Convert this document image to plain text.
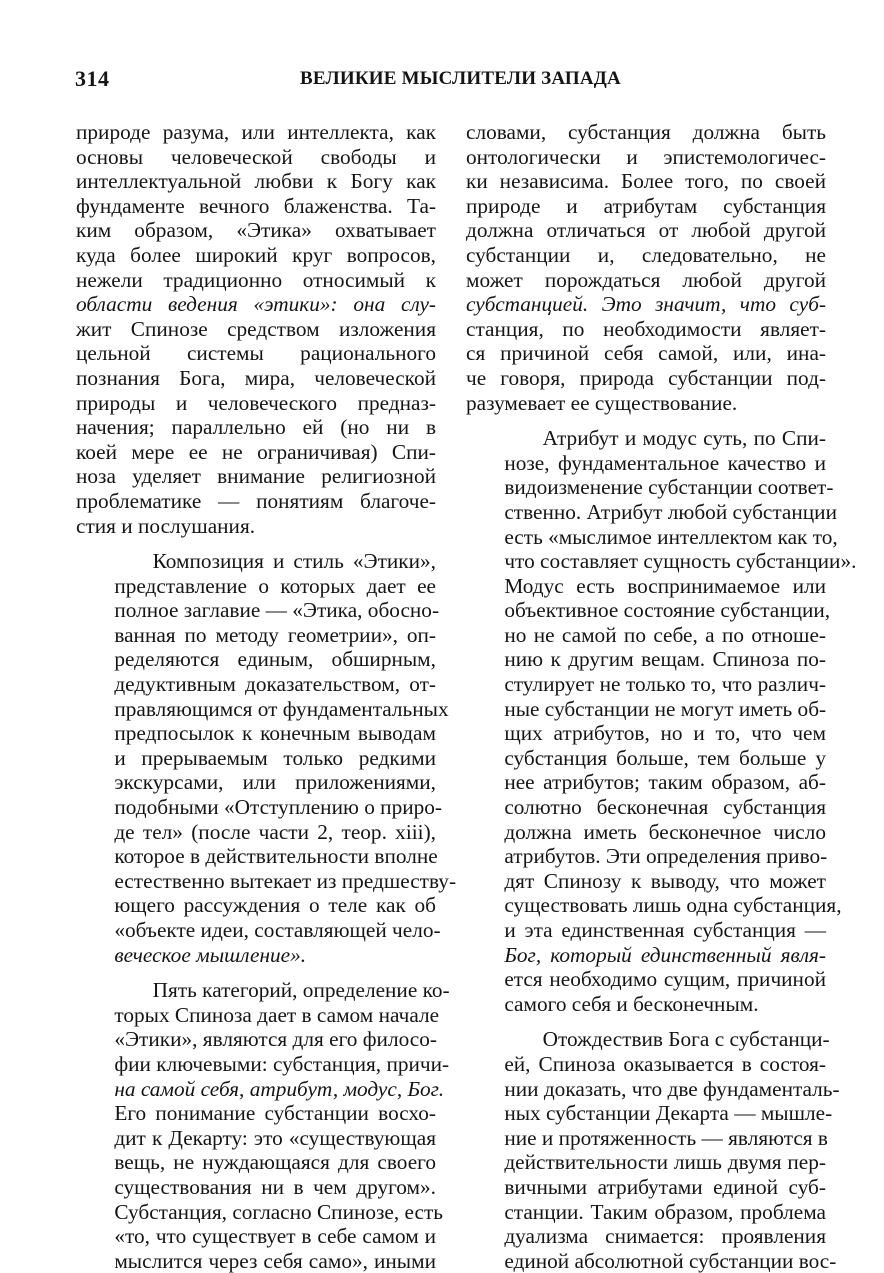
314	ВЕЛИКИЕ МЫСЛИТЕЛИ ЗАПАДА
природе разума, или интеллекта, как
основы человеческой свободы и
интеллектуальной любви к Богу как
фундаменте вечного блаженства. Та-
ким образом, «Этика» охватывает
куда более широкий круг вопросов,
нежели традиционно относимый к
области ведения «этики»: она слу-
жит Спинозе средством изложения
цельной системы рационального
познания Бога, мира, человеческой
природы и человеческого предназ-
начения; параллельно ей (но ни в
коей мере ее не ограничивая) Спи-
ноза уделяет внимание религиозной
проблематике — понятиям благоче-
стия и послушания.
Композиция и стиль «Этики»,
представление о которых дает ее
полное заглавие — «Этика, обосно-
ванная по методу геометрии», оп-
ределяются единым, обширным,
дедуктивным доказательством, от-
правляющимся от фундаментальных
предпосылок к конечным выводам
и прерываемым только редкими
экскурсами, или приложениями,
подобными «Отступлению о приро-
де тел» (после части 2, теор. xiii),
которое в действительности вполне
естественно вытекает из предшеству-
ющего рассуждения о теле как об
«объекте идеи, составляющей чело-
веческое мышление».
Пять категорий, определение ко-
торых Спиноза дает в самом начале
«Этики», являются для его филосо-
фии ключевыми: субстанция, причи-
на самой себя, атрибут, модус, Бог.
Его понимание субстанции восхо-
дит к Декарту: это «существующая
вещь, не нуждающаяся для своего
существования ни в чем другом».
Субстанция, согласно Спинозе, есть
«то, что существует в себе самом и
мыслится через себя само», иными
словами, субстанция должна быть
онтологически и эпистемологичес-
ки независима. Более того, по своей
природе и атрибутам субстанция
должна отличаться от любой другой
субстанции и, следовательно, не
может порождаться любой другой
субстанцией. Это значит, что суб-
станция, по необходимости являет-
ся причиной себя самой, или, ина-
че говоря, природа субстанции под-
разумевает ее существование.
Атрибут и модус суть, по Спи-
нозе, фундаментальное качество и
видоизменение субстанции соответ-
ственно. Атрибут любой субстанции
есть «мыслимое интеллектом как то,
что составляет сущность субстанции».
Модус есть воспринимаемое или
объективное состояние субстанции,
но не самой по себе, а по отноше-
нию к другим вещам. Спиноза по-
стулирует не только то, что различ-
ные субстанции не могут иметь об-
щих атрибутов, но и то, что чем
субстанция больше, тем больше у
нее атрибутов; таким образом, аб-
солютно бесконечная субстанция
должна иметь бесконечное число
атрибутов. Эти определения приво-
дят Спинозу к выводу, что может
существовать лишь одна субстанция,
и эта единственная субстанция —
Бог, который единственный явля-
ется необходимо сущим, причиной
самого себя и бесконечным.
Отождествив Бога с субстанци-
ей, Спиноза оказывается в состоя-
нии доказать, что две фундаменталь-
ных субстанции Декарта — мышле-
ние и протяженность — являются в
действительности лишь двумя пер-
вичными атрибутами единой суб-
станции. Таким образом, проблема
дуализма снимается: проявления
единой абсолютной субстанции вос-
